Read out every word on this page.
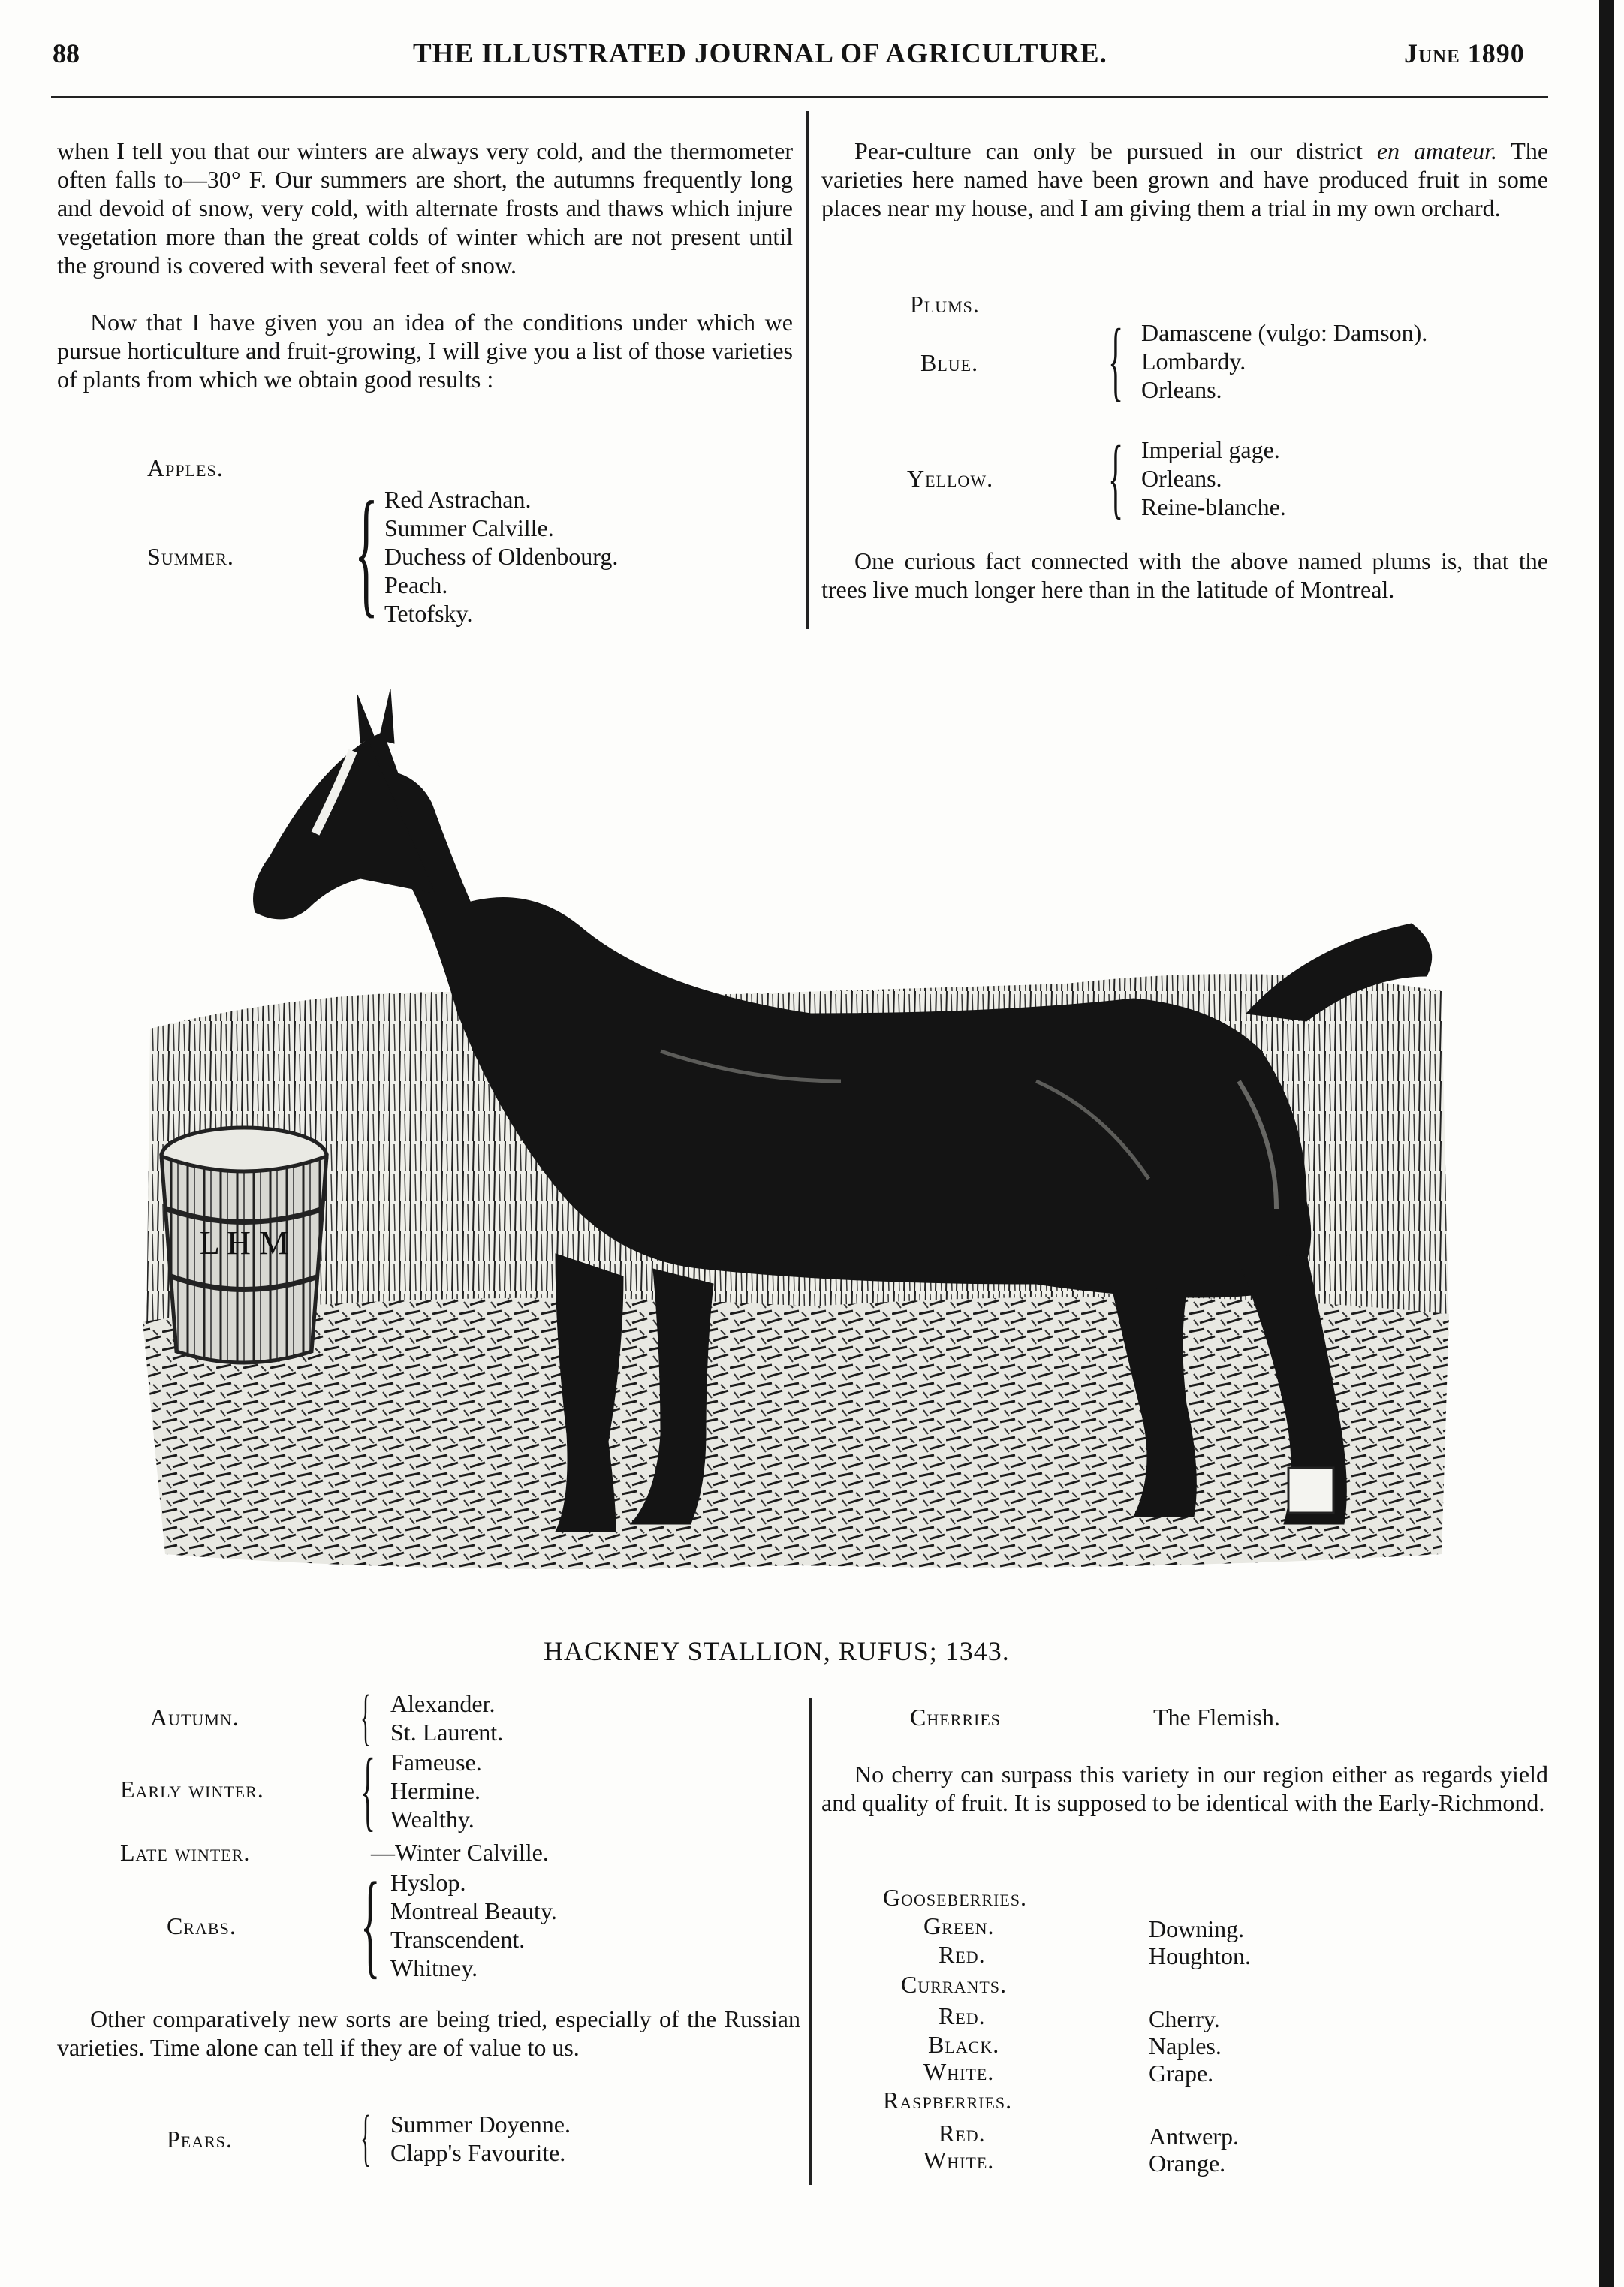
88	THE ILLUSTRATED JOURNAL OF AGRICULTURE.	June 1890
when I tell you that our winters are always very cold, and the thermometer often falls to—30° F. Our summers are short, the autumns frequently long and devoid of snow, very cold, with alternate frosts and thaws which injure vegetation more than the great colds of winter which are not present until the ground is covered with several feet of snow.
Now that I have given you an idea of the conditions under which we pursue horticulture and fruit-growing, I will give you a list of those varieties of plants from which we obtain good results :
Apples.
Summer. { Red Astrachan.
Summer Calville.
Duchess of Oldenbourg.
Peach.
Tetofsky.
Pear-culture can only be pursued in our district en amateur. The varieties here named have been grown and have produced fruit in some places near my house, and I am giving them a trial in my own orchard.
Plums.
Blue. { Damascene (vulgo: Damson).
Lombardy.
Orleans.
Yellow. { Imperial gage.
Orleans.
Reine-blanche.
One curious fact connected with the above named plums is, that the trees live much longer here than in the latitude of Montreal.
L H M
HACKNEY STALLION, RUFUS; 1343.
Autumn. { Alexander.
St. Laurent.
Early winter. { Fameuse.
Hermine.
Wealthy.
Late winter.	—Winter Calville.
Crabs. { Hyslop.
Montreal Beauty.
Transcendent.
Whitney.
Other comparatively new sorts are being tried, especially of the Russian varieties. Time alone can tell if they are of value to us.
Pears. { Summer Doyenne.
Clapp's Favourite.
Cherries	The Flemish.
No cherry can surpass this variety in our region either as regards yield and quality of fruit. It is supposed to be identical with the Early-Richmond.
Gooseberries.
Green.	Downing.
Red.	Houghton.
Currants.
Red.	Cherry.
Black.	Naples.
White.	Grape.
Raspberries.
Red.	Antwerp.
White.	Orange.
